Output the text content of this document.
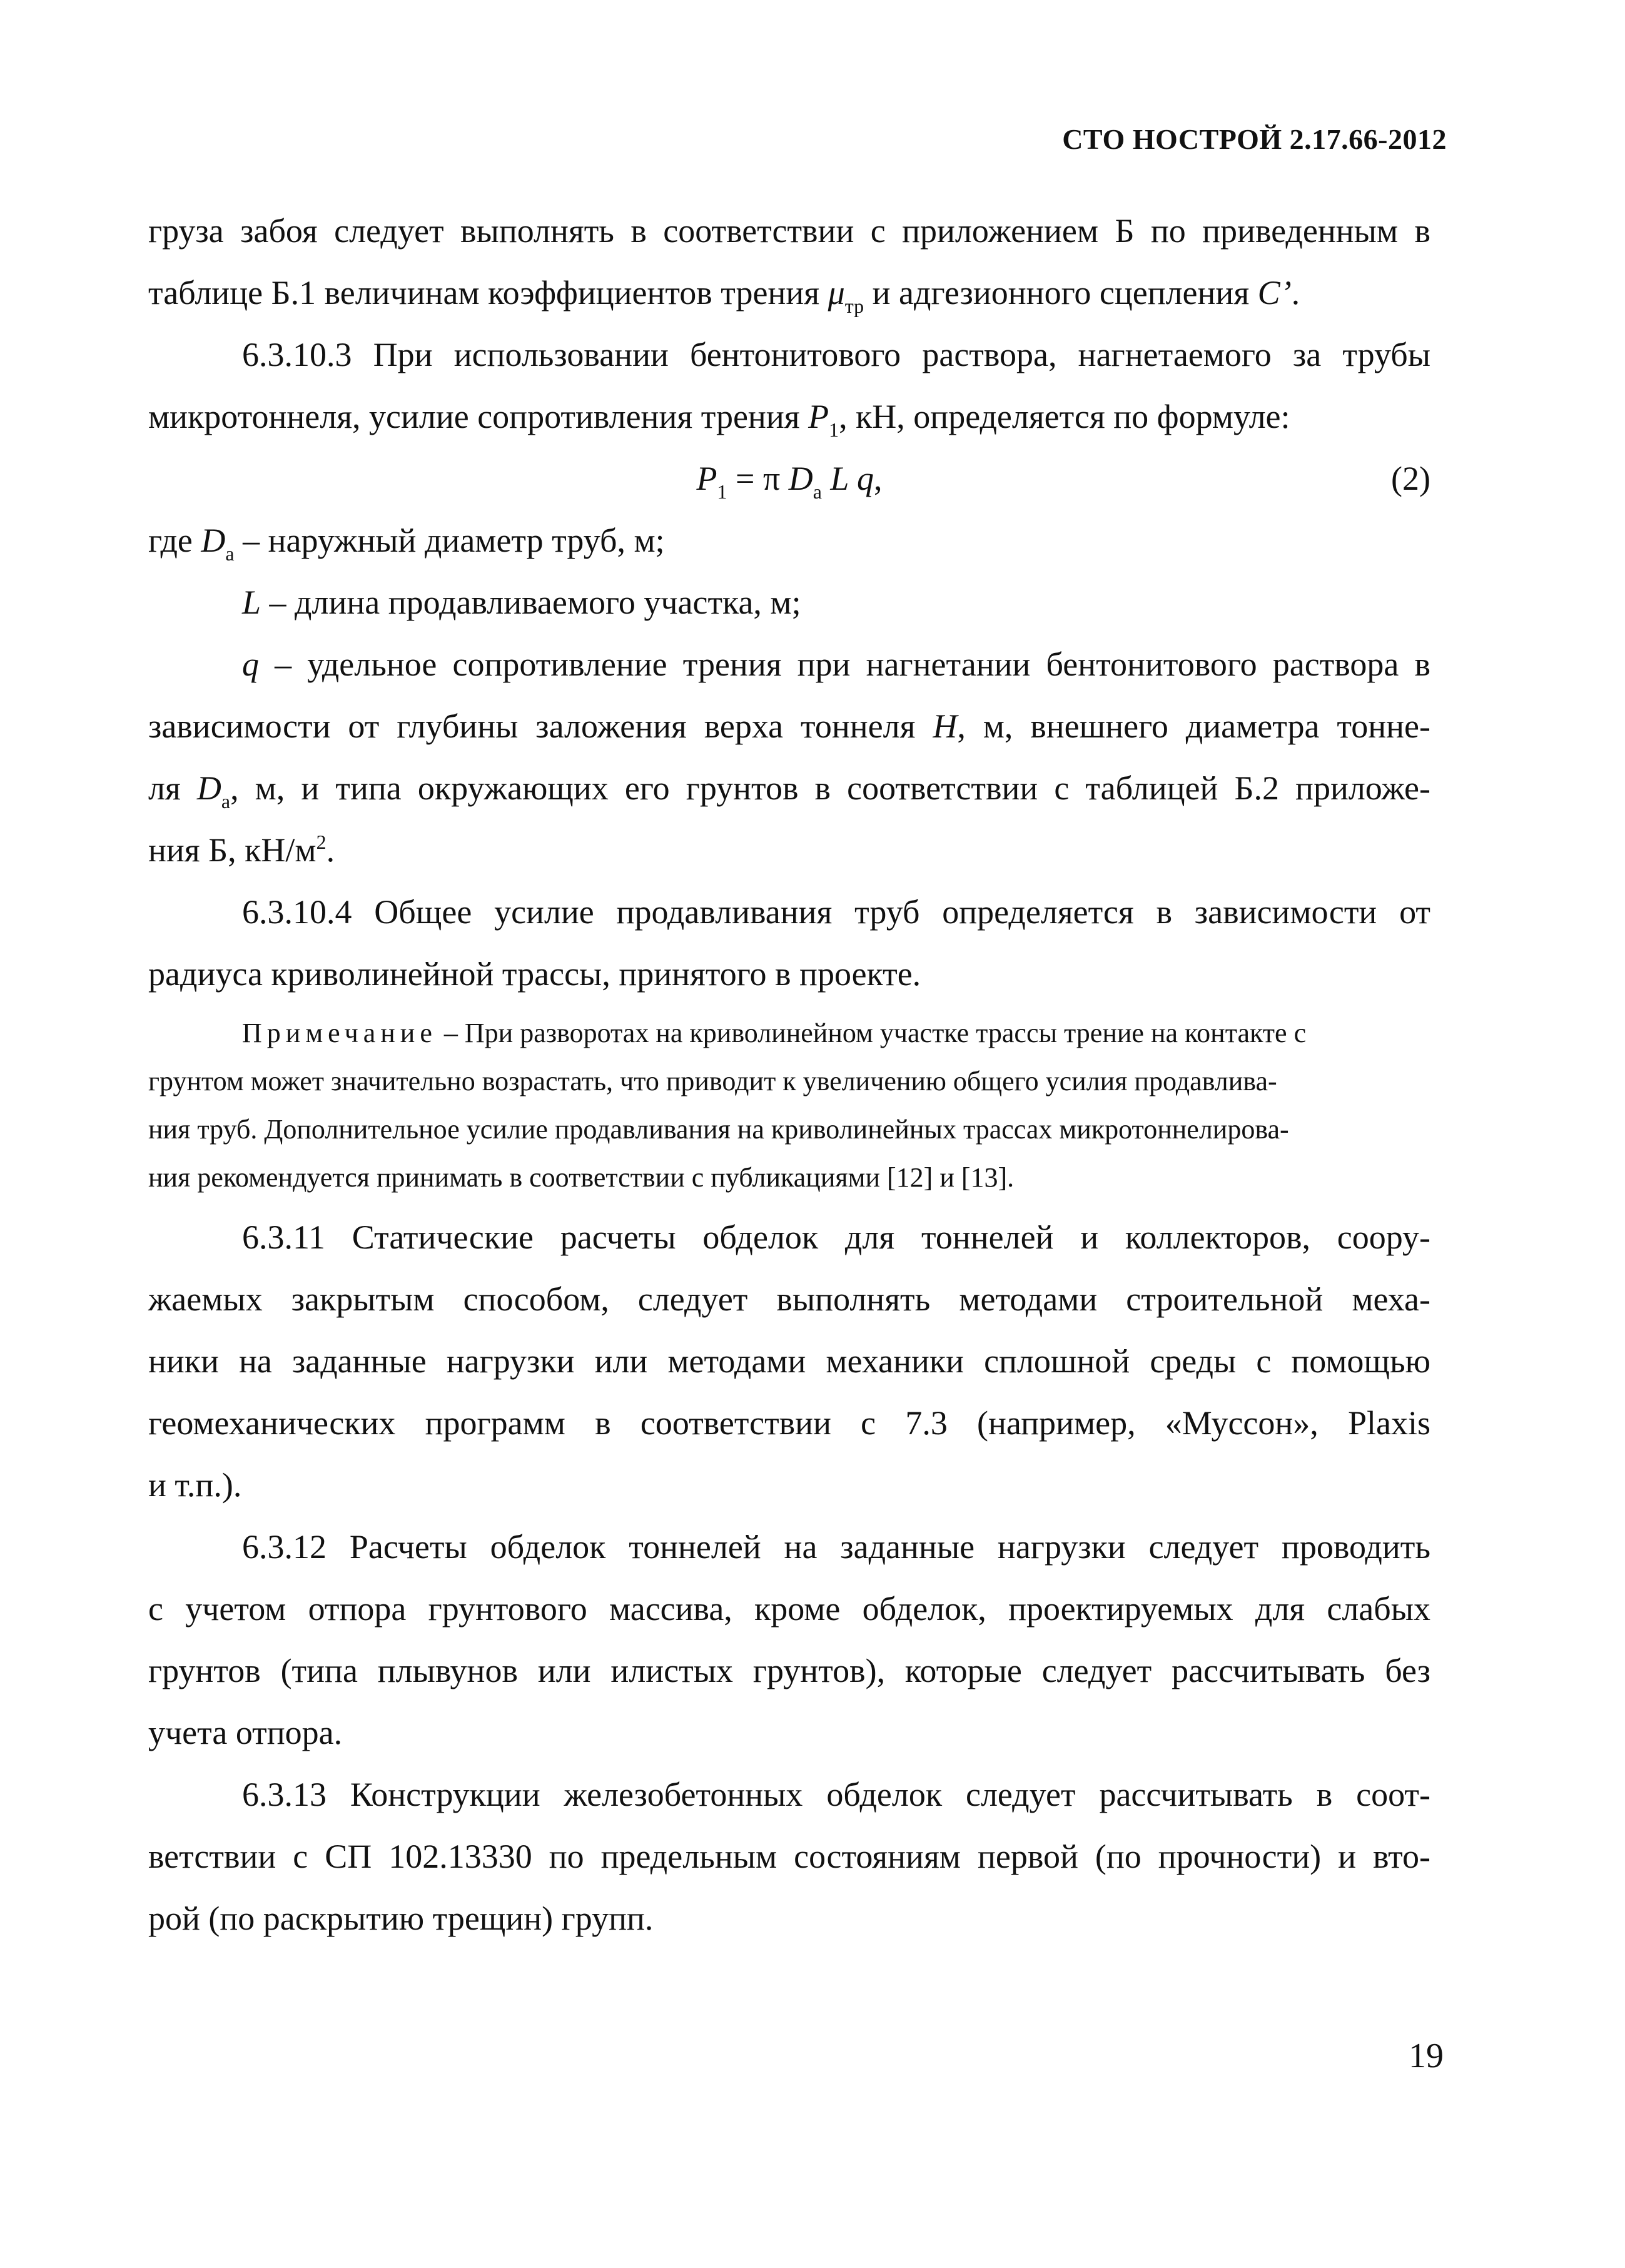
СТО НОСТРОЙ 2.17.66-2012

груза забоя следует выполнять в соответствии с приложением Б по приведенным в

таблице Б.1 величинам коэффициентов трения $\mu_{тр}$ и адгезионного сцепления C’.

6.3.10.3 При использовании бентонитового раствора, нагнетаемого за трубы

микротоннеля, усилие сопротивления трения $P_1$, кН, определяется по формуле:

$P_1 = \pi$ $D_a$ L q,	(2)

где $D_a$ – наружный диаметр труб, м;

L – длина продавливаемого участка, м;

q – удельное сопротивление трения при нагнетании бентонитового раствора в

зависимости от глубины заложения верха тоннеля H, м, внешнего диаметра тонне-

ля $D_a$, м, и типа окружающих его грунтов в соответствии с таблицей Б.2 приложе-

ния Б, $кН/м^2$.

6.3.10.4 Общее усилие продавливания труб определяется в зависимости от

радиуса криволинейной трассы, принятого в проекте.

Примечание – При разворотах на криволинейном участке трассы трение на контакте с

грунтом может значительно возрастать, что приводит к увеличению общего усилия продавлива-

ния труб. Дополнительное усилие продавливания на криволинейных трассах микротоннелирова-

ния рекомендуется принимать в соответствии с публикациями [12] и [13].

6.3.11 Статические расчеты обделок для тоннелей и коллекторов, соору-

жаемых закрытым способом, следует выполнять методами строительной меха-

ники на заданные нагрузки или методами механики сплошной среды с помощью

геомеханических программ в соответствии с 7.3 (например, «Муссон», Plaxis

и т.п.).

6.3.12 Расчеты обделок тоннелей на заданные нагрузки следует проводить

с учетом отпора грунтового массива, кроме обделок, проектируемых для слабых

грунтов (типа плывунов или илистых грунтов), которые следует рассчитывать без

учета отпора.

6.3.13 Конструкции железобетонных обделок следует рассчитывать в соот-

ветствии с СП 102.13330 по предельным состояниям первой (по прочности) и вто-

рой (по раскрытию трещин) групп.

19
